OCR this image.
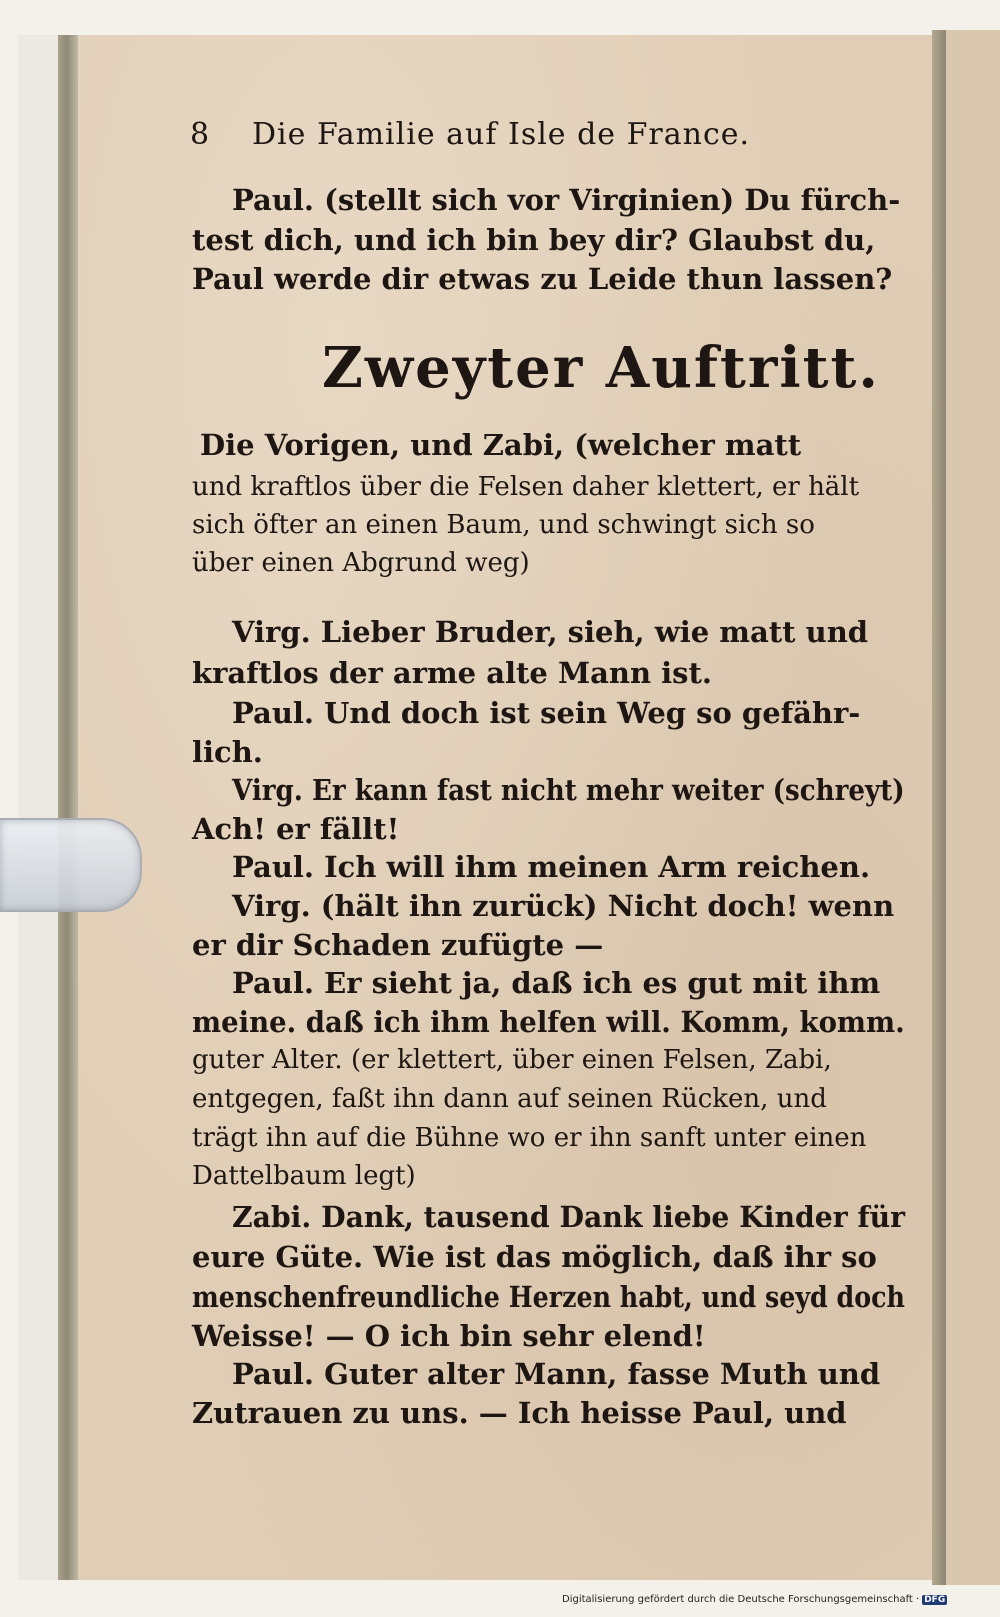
8 Die Familie auf Isle de France.
Paul. (stellt sich vor Virginien) Du fürch-
test dich, und ich bin bey dir? Glaubst du,
Paul werde dir etwas zu Leide thun lassen?
Zweyter Auftritt.
Die Vorigen, und Zabi, (welcher matt
und kraftlos über die Felsen daher klettert, er hält
sich öfter an einen Baum, und schwingt sich so
über einen Abgrund weg)
Virg. Lieber Bruder, sieh, wie matt und
kraftlos der arme alte Mann ist.
Paul. Und doch ist sein Weg so gefähr-
lich.
Virg. Er kann fast nicht mehr weiter (schreyt)
Ach! er fällt!
Paul. Ich will ihm meinen Arm reichen.
Virg. (hält ihn zurück) Nicht doch! wenn
er dir Schaden zufügte —
Paul. Er sieht ja, daß ich es gut mit ihm
meine. daß ich ihm helfen will. Komm, komm.
guter Alter. (er klettert, über einen Felsen, Zabi,
entgegen, faßt ihn dann auf seinen Rücken, und
trägt ihn auf die Bühne wo er ihn sanft unter einen
Dattelbaum legt)
Zabi. Dank, tausend Dank liebe Kinder für
eure Güte. Wie ist das möglich, daß ihr so
menschenfreundliche Herzen habt, und seyd doch
Weisse! — O ich bin sehr elend!
Paul. Guter alter Mann, fasse Muth und
Zutrauen zu uns. — Ich heisse Paul, und
Digitalisierung gefördert durch die Deutsche Forschungsgemeinschaft · DFG
